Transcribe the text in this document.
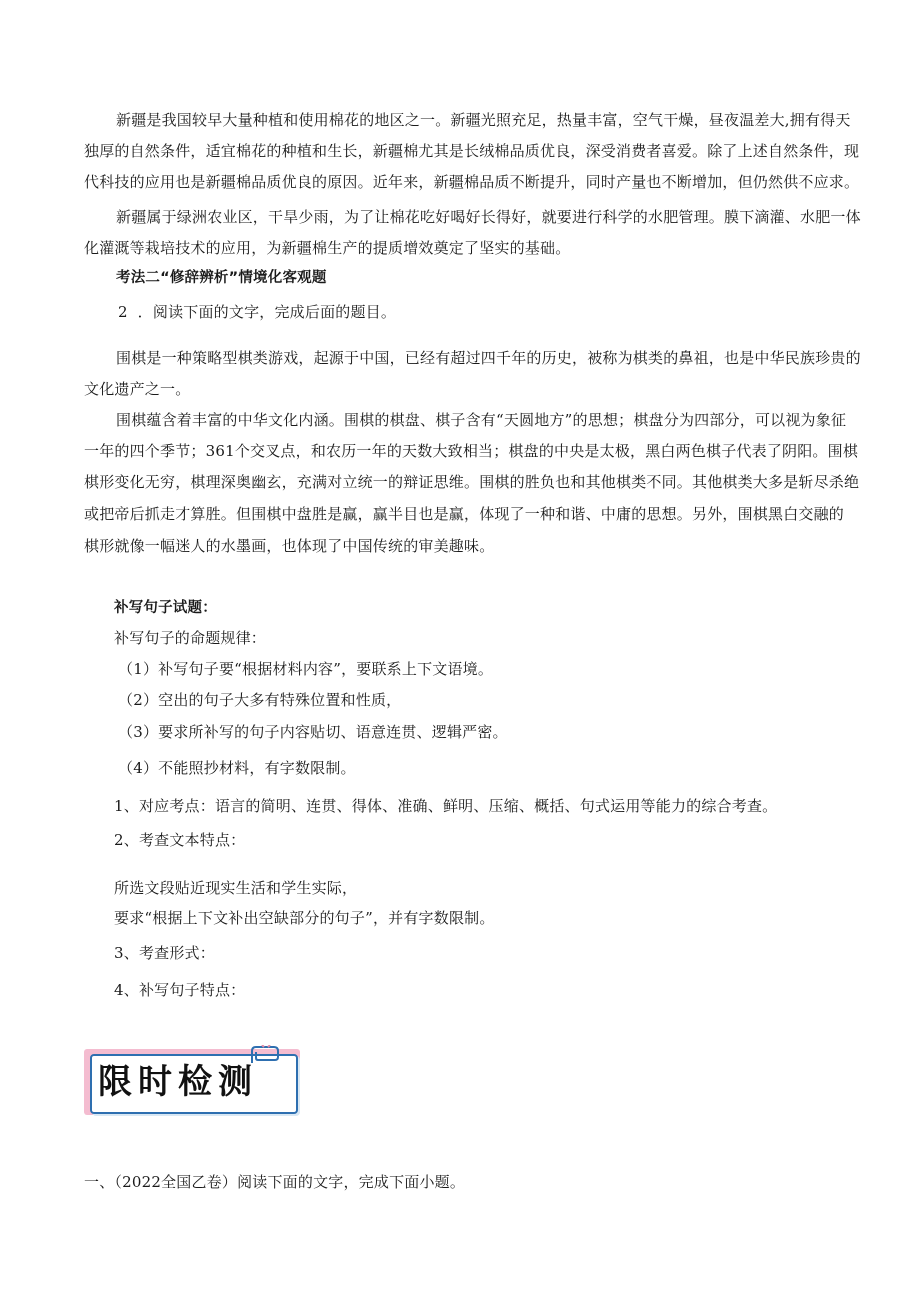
新疆是我国较早大量种植和使用棉花的地区之一。新疆光照充足，热量丰富，空气干燥，昼夜温差大,拥有得天
独厚的自然条件，适宜棉花的种植和生长，新疆棉尤其是长绒棉品质优良，深受消费者喜爱。除了上述自然条件，现
代科技的应用也是新疆棉品质优良的原因。近年来，新疆棉品质不断提升，同时产量也不断增加，但仍然供不应求。
新疆属于绿洲农业区，干旱少雨，为了让棉花吃好喝好长得好，就要进行科学的水肥管理。膜下滴灌、水肥一体
化灌溉等栽培技术的应用，为新疆棉生产的提质增效奠定了坚实的基础。
考法二“修辞辨析”情境化客观题
2  ．阅读下面的文字，完成后面的题目。
围棋是一种策略型棋类游戏，起源于中国，已经有超过四千年的历史，被称为棋类的鼻祖，也是中华民族珍贵的
文化遗产之一。
围棋蕴含着丰富的中华文化内涵。围棋的棋盘、棋子含有“天圆地方”的思想；棋盘分为四部分，可以视为象征
一年的四个季节；361个交叉点，和农历一年的天数大致相当；棋盘的中央是太极，黑白两色棋子代表了阴阳。围棋
棋形变化无穷，棋理深奥幽玄，充满对立统一的辩证思维。围棋的胜负也和其他棋类不同。其他棋类大多是斩尽杀绝
或把帝后抓走才算胜。但围棋中盘胜是赢，赢半目也是赢，体现了一种和谐、中庸的思想。另外，围棋黑白交融的
棋形就像一幅迷人的水墨画，也体现了中国传统的审美趣味。
补写句子试题：
补写句子的命题规律：
（1）补写句子要“根据材料内容”，要联系上下文语境。
（2）空出的句子大多有特殊位置和性质，
（3）要求所补写的句子内容贴切、语意连贯、逻辑严密。
（4）不能照抄材料，有字数限制。
1、对应考点：语言的简明、连贯、得体、准确、鲜明、压缩、概括、句式运用等能力的综合考查。
2、考查文本特点：
所选文段贴近现实生活和学生实际，
要求“根据上下文补出空缺部分的句子”，并有字数限制。
3、考查形式：
4、补写句子特点：
限时检测
一、（2022全国乙卷）阅读下面的文字，完成下面小题。
